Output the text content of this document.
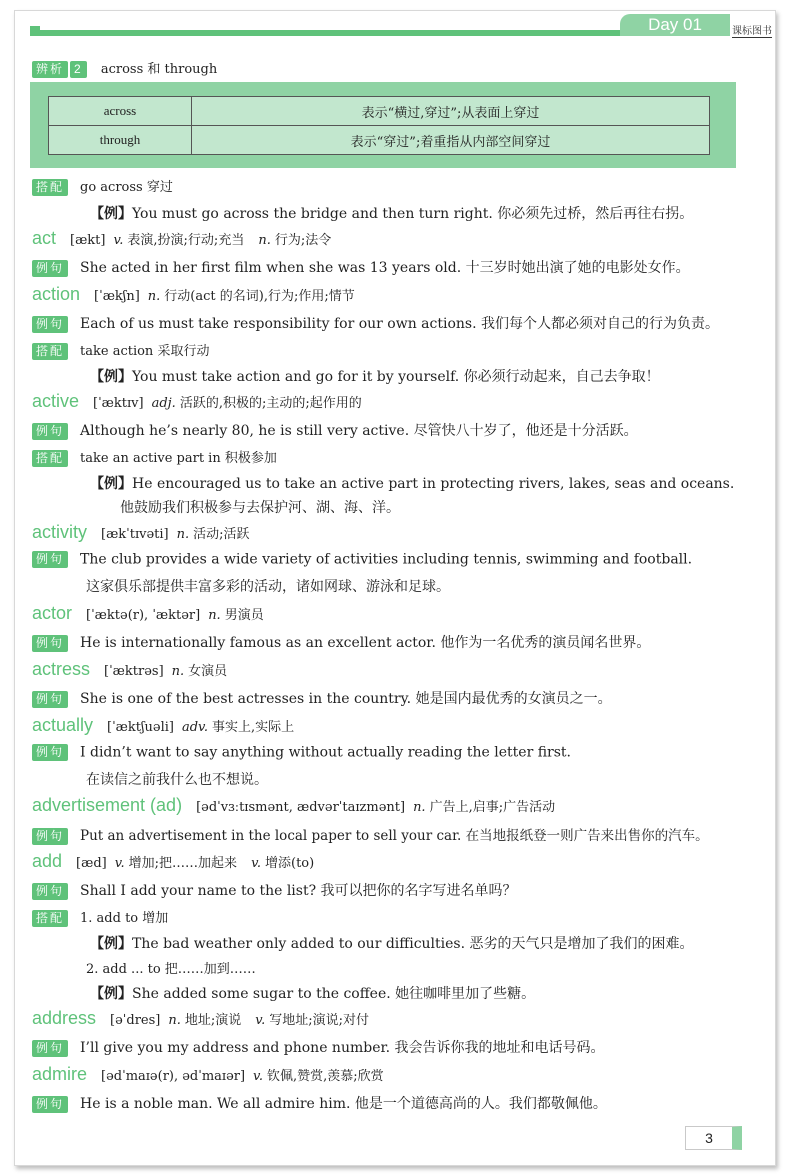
Day 01	课标图书
辨析 2 across 和 through
across	表示“横过,穿过”;从表面上穿过
through	表示“穿过”;着重指从内部空间穿过
搭配 go across 穿过
【例】You must go across the bridge and then turn right. 你必须先过桥，然后再往右拐。
act [ækt] v. 表演,扮演;行动;充当 n. 行为;法令
例句 She acted in her first film when she was 13 years old. 十三岁时她出演了她的电影处女作。
action [ˈækʃn] n. 行动(act 的名词),行为;作用;情节
例句 Each of us must take responsibility for our own actions. 我们每个人都必须对自己的行为负责。
搭配 take action 采取行动
【例】You must take action and go for it by yourself. 你必须行动起来，自己去争取！
active [ˈæktɪv] adj. 活跃的,积极的;主动的;起作用的
例句 Although he’s nearly 80, he is still very active. 尽管快八十岁了，他还是十分活跃。
搭配 take an active part in 积极参加
【例】He encouraged us to take an active part in protecting rivers, lakes, seas and oceans.
他鼓励我们积极参与去保护河、湖、海、洋。
activity [ækˈtɪvəti] n. 活动;活跃
例句 The club provides a wide variety of activities including tennis, swimming and football.
这家俱乐部提供丰富多彩的活动，诸如网球、游泳和足球。
actor [ˈæktə(r), ˈæktər] n. 男演员
例句 He is internationally famous as an excellent actor. 他作为一名优秀的演员闻名世界。
actress [ˈæktrəs] n. 女演员
例句 She is one of the best actresses in the country. 她是国内最优秀的女演员之一。
actually [ˈæktʃuəli] adv. 事实上,实际上
例句 I didn’t want to say anything without actually reading the letter first.
在读信之前我什么也不想说。
advertisement (ad) [ədˈvɜːtɪsmənt, ædvərˈtaɪzmənt] n. 广告上,启事;广告活动
例句 Put an advertisement in the local paper to sell your car. 在当地报纸登一则广告来出售你的汽车。
add [æd] v. 增加;把……加起来 v. 增添(to)
例句 Shall I add your name to the list? 我可以把你的名字写进名单吗？
搭配 1. add to 增加
【例】The bad weather only added to our difficulties. 恶劣的天气只是增加了我们的困难。
2. add ... to 把……加到……
【例】She added some sugar to the coffee. 她往咖啡里加了些糖。
address [əˈdres] n. 地址;演说 v. 写地址;演说;对付
例句 I’ll give you my address and phone number. 我会告诉你我的地址和电话号码。
admire [ədˈmaɪə(r), ədˈmaɪər] v. 钦佩,赞赏,羡慕;欣赏
例句 He is a noble man. We all admire him. 他是一个道德高尚的人。我们都敬佩他。
3
